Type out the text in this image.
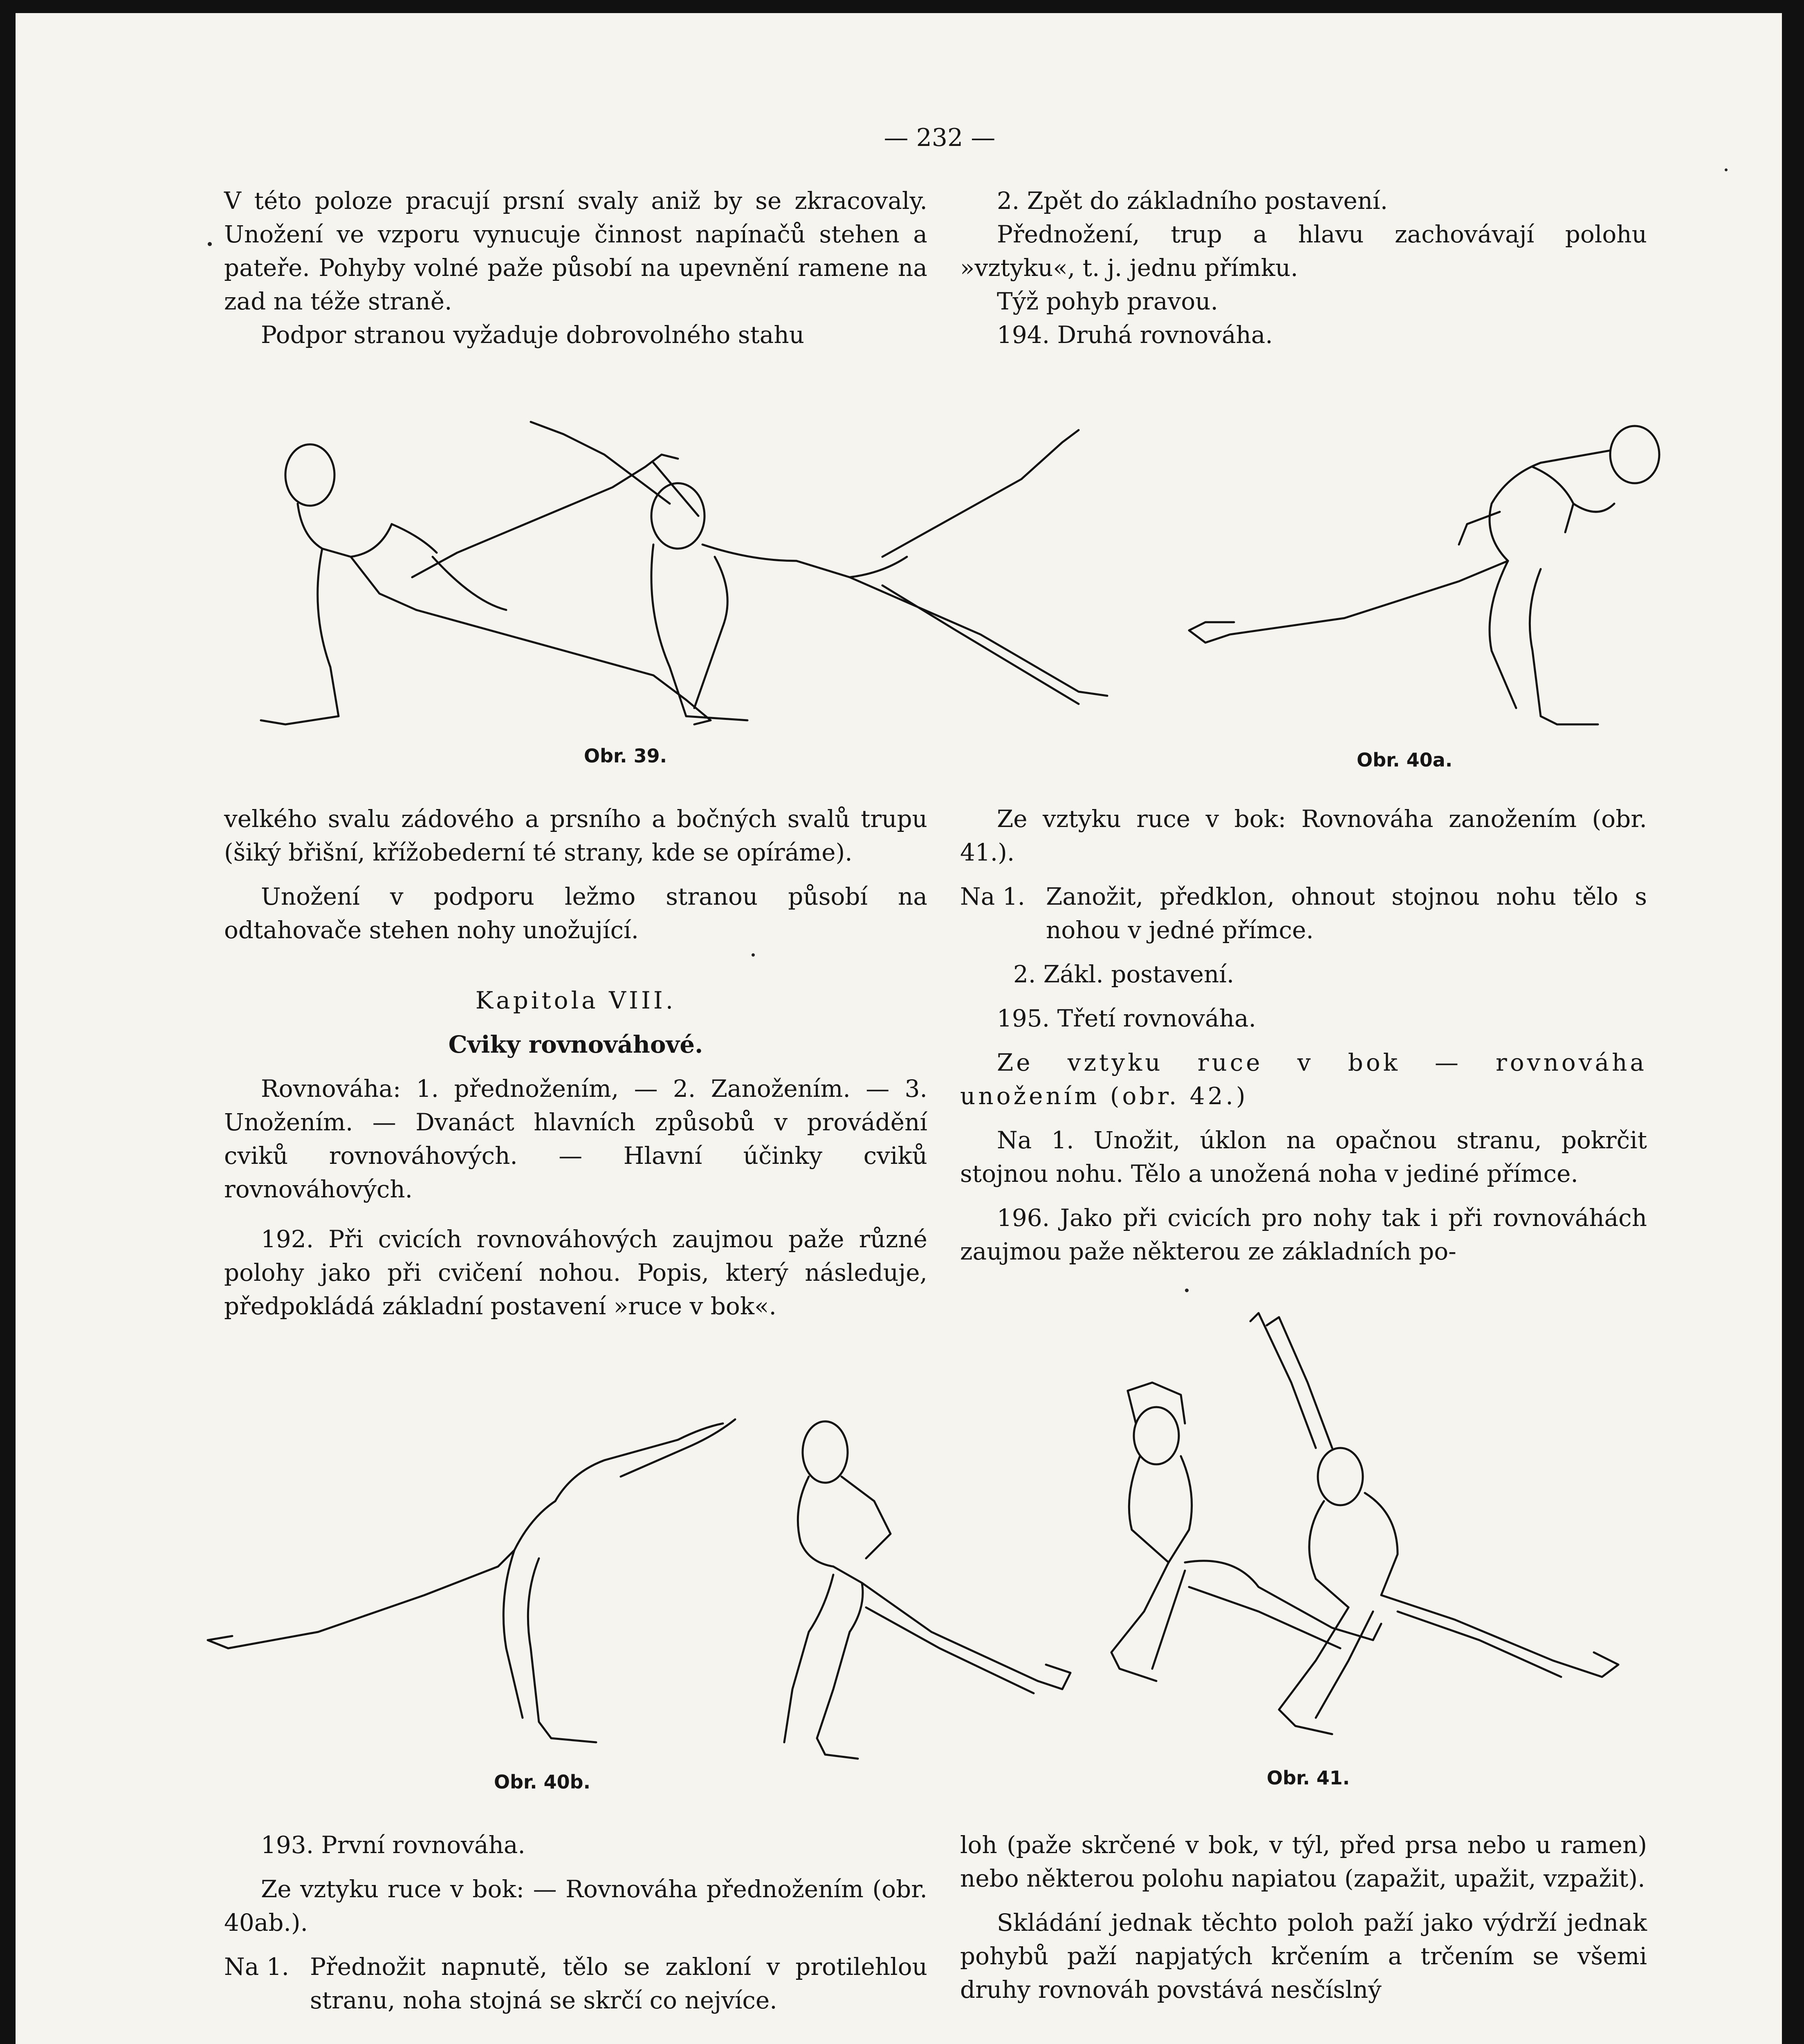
— 232 —

V této poloze pracují prsní svaly aniž by se zkracovaly. Unožení ve vzporu vynucuje činnost napínačů stehen a pateře. Pohyby volné paže působí na upevnění ramene na zad na téže straně.

Podpor stranou vyžaduje dobrovolného stahu

2. Zpět do základního postavení.

Přednožení, trup a hlavu zachovávají polohu »vztyku«, t. j. jednu přímku.

Týž pohyb pravou.

194. Druhá rovnováha.

Obr. 39.	Obr. 40a.

velkého svalu zádového a prsního a bočných svalů trupu (šiký břišní, křížobederní té strany, kde se opíráme).

Unožení v podporu ležmo stranou působí na odtahovače stehen nohy unožující.

Kapitola VIII.

Cviky rovnováhové.

Rovnováha: 1. přednožením, — 2. Zanožením. — 3. Unožením. — Dvanáct hlavních způsobů v provádění cviků rovnováhových. — Hlavní účinky cviků rovnováhových.

192. Při cvicích rovnováhových zaujmou paže různé polohy jako při cvičení nohou. Popis, který následuje, předpokládá základní postavení »ruce v bok«.

Ze vztyku ruce v bok: Rovnováha zanožením (obr. 41.).

Na 1. Zanožit, předklon, ohnout stojnou nohu tělo s nohou v jedné přímce.

2. Zákl. postavení.

195. Třetí rovnováha.

Ze vztyku ruce v bok — rovnováha unožením (obr. 42.)

Na 1. Unožit, úklon na opačnou stranu, pokrčit stojnou nohu. Tělo a unožená noha v jediné přímce.

196. Jako při cvicích pro nohy tak i při rovnováhách zaujmou paže některou ze základních po-

Obr. 40b.	Obr. 41.

193. První rovnováha.

Ze vztyku ruce v bok: — Rovnováha přednožením (obr. 40ab.).

Na 1. Přednožit napnutě, tělo se zakloní v protilehlou stranu, noha stojná se skrčí co nejvíce.

loh (paže skrčené v bok, v týl, před prsa nebo u ramen) nebo některou polohu napiatou (zapažit, upažit, vzpažit).

Skládání jednak těchto poloh paží jako výdrží jednak pohybů paží napjatých krčením a trčením se všemi druhy rovnováh povstává nesčíslný
